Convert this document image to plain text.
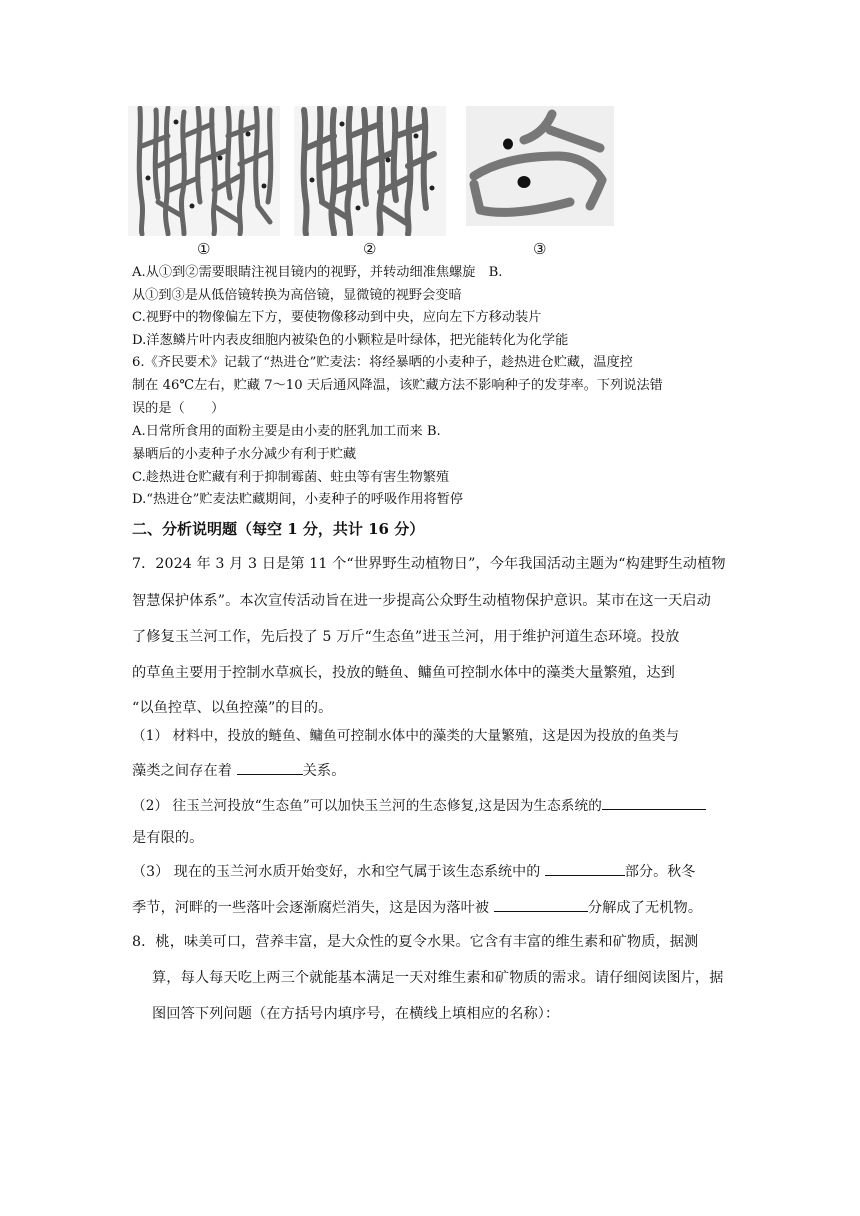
①	②	③
A.从①到②需要眼睛注视目镜内的视野，并转动细准焦螺旋　B.
从①到③是从低倍镜转换为高倍镜，显微镜的视野会变暗
C.视野中的物像偏左下方，要使物像移动到中央，应向左下方移动装片
D.洋葱鳞片叶内表皮细胞内被染色的小颗粒是叶绿体，把光能转化为化学能
6.《齐民要术》记载了“热进仓”贮麦法：将经暴晒的小麦种子，趁热进仓贮藏，温度控
制在 46℃左右，贮藏 7～10 天后通风降温，该贮藏方法不影响种子的发芽率。下列说法错
误的是（　　）
A.日常所食用的面粉主要是由小麦的胚乳加工而来 B.
暴晒后的小麦种子水分减少有利于贮藏
C.趁热进仓贮藏有利于抑制霉菌、蛀虫等有害生物繁殖
D.“热进仓”贮麦法贮藏期间，小麦种子的呼吸作用将暂停
二、分析说明题（每空 1 分，共计 16 分）
7．2024 年 3 月 3 日是第 11 个“世界野生动植物日”，今年我国活动主题为“构建野生动植物
智慧保护体系”。本次宣传活动旨在进一步提高公众野生动植物保护意识。某市在这一天启动
了修复玉兰河工作，先后投了 5 万斤“生态鱼”进玉兰河，用于维护河道生态环境。投放
的草鱼主要用于控制水草疯长，投放的鲢鱼、鳙鱼可控制水体中的藻类大量繁殖，达到
“以鱼控草、以鱼控藻”的目的。
（1） 材料中，投放的鲢鱼、鳙鱼可控制水体中的藻类的大量繁殖，这是因为投放的鱼类与
藻类之间存在着	关系。
（2） 往玉兰河投放“生态鱼”可以加快玉兰河的生态修复,这是因为生态系统的
是有限的。
（3） 现在的玉兰河水质开始变好，水和空气属于该生态系统中的	部分。秋冬
季节，河畔的一些落叶会逐渐腐烂消失，这是因为落叶被	分解成了无机物。
8．桃，味美可口，营养丰富，是大众性的夏令水果。它含有丰富的维生素和矿物质，据测
算，每人每天吃上两三个就能基本满足一天对维生素和矿物质的需求。请仔细阅读图片，据
图回答下列问题（在方括号内填序号，在横线上填相应的名称）：
